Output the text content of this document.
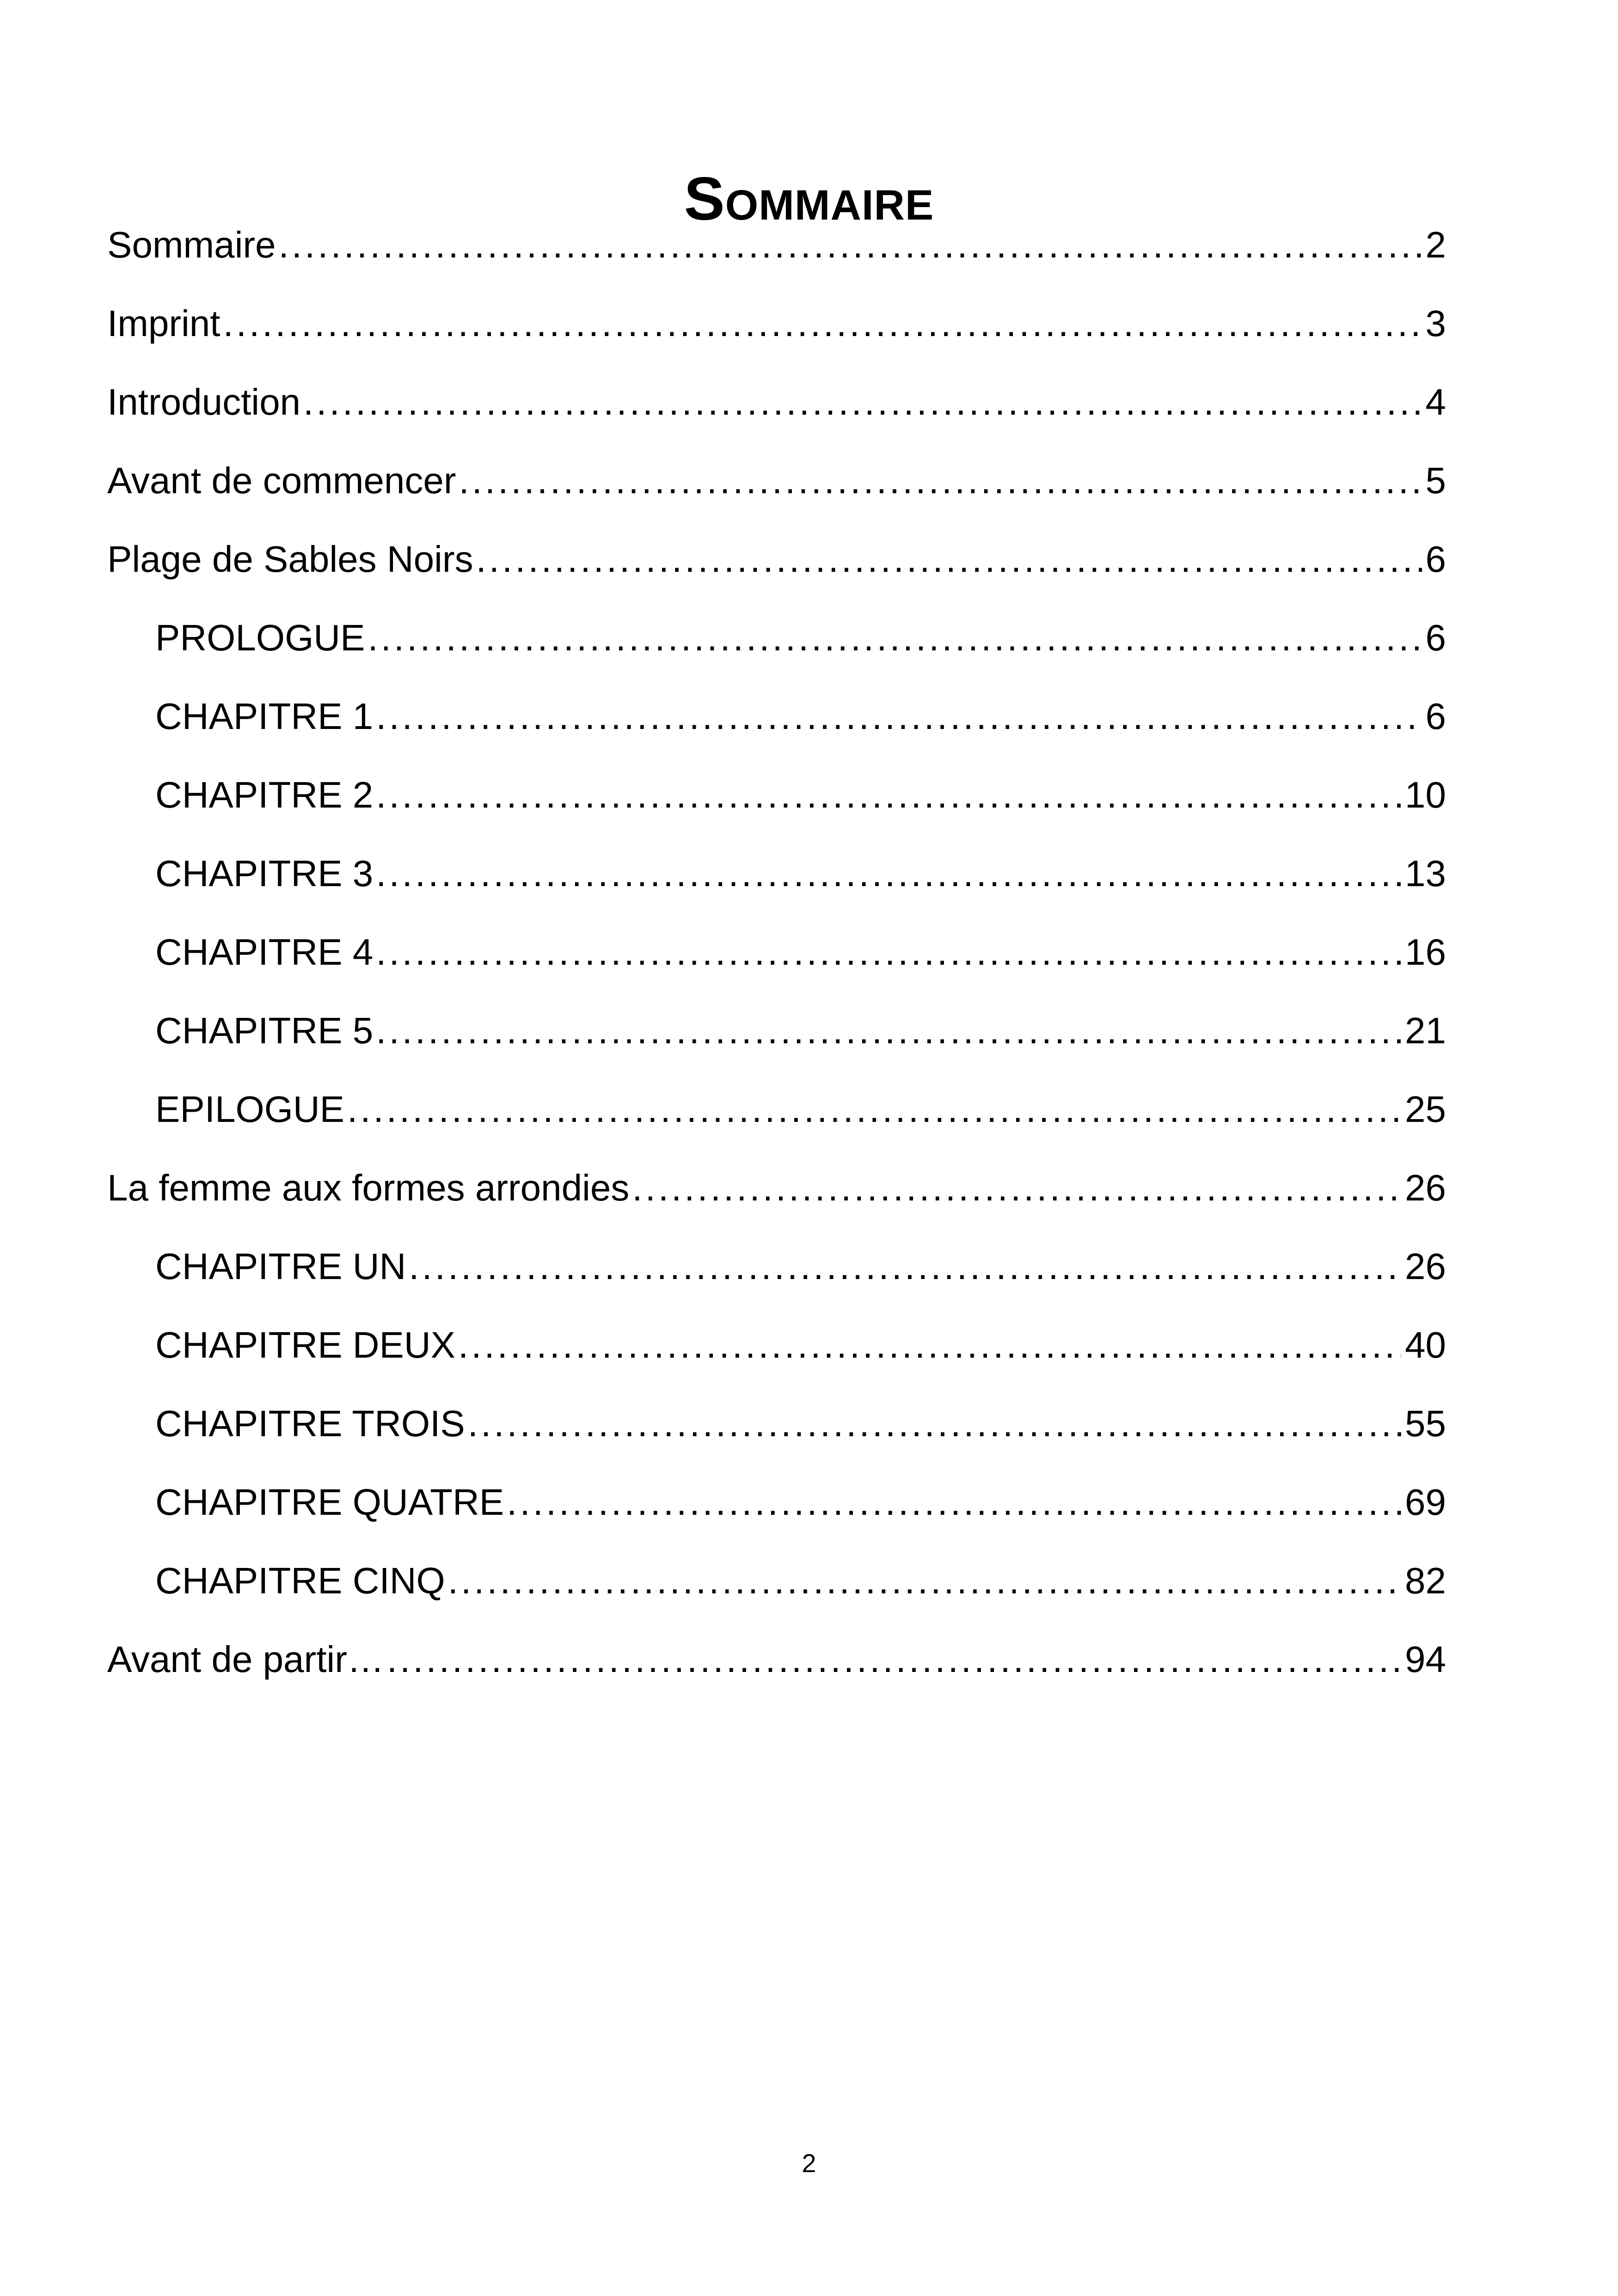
Sommaire
Sommaire .....	2
Imprint .....	3
Introduction .....	4
Avant de commencer .....	5
Plage de Sables Noirs .....	6
PROLOGUE .....	6
CHAPITRE 1 .....	6
CHAPITRE 2 .....	10
CHAPITRE 3 .....	13
CHAPITRE 4 .....	16
CHAPITRE 5 .....	21
EPILOGUE .....	25
La femme aux formes arrondies .....	26
CHAPITRE UN .....	26
CHAPITRE DEUX .....	40
CHAPITRE TROIS .....	55
CHAPITRE QUATRE .....	69
CHAPITRE CINQ .....	82
Avant de partir… .....	94
2
